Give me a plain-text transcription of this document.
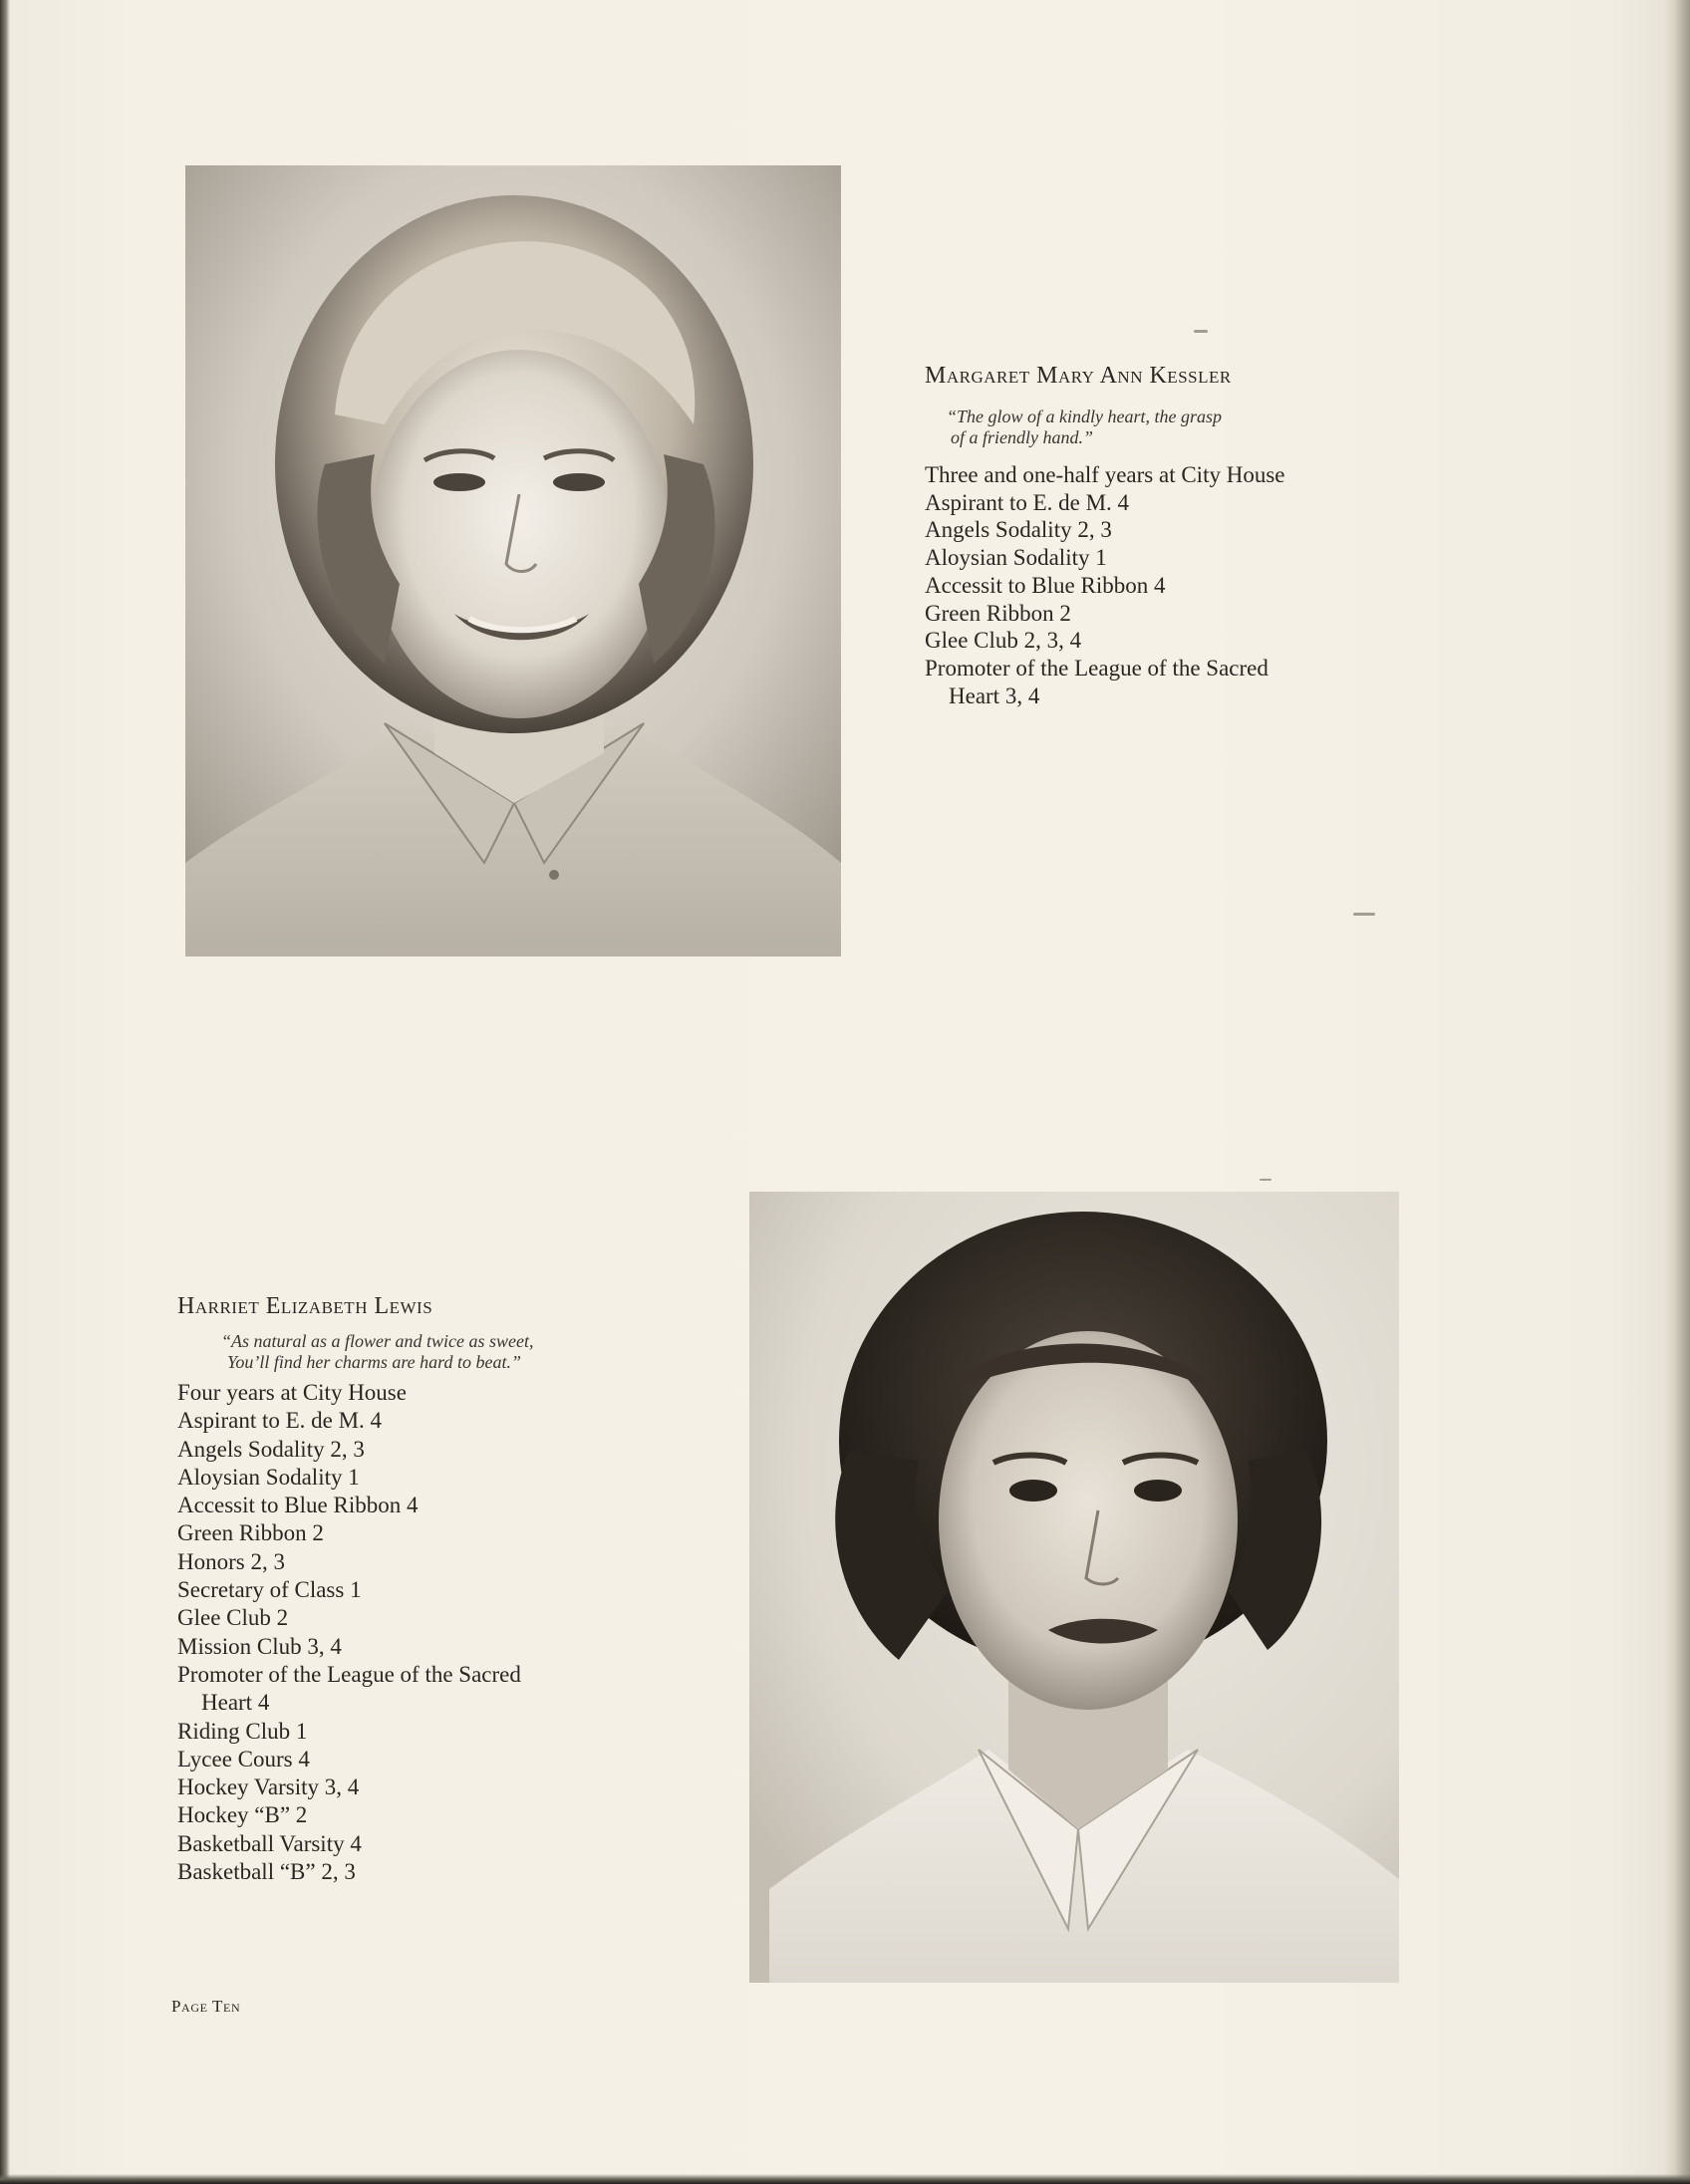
Margaret Mary Ann Kessler
“The glow of a kindly heart, the grasp
of a friendly hand.”
Three and one-half years at City House
Aspirant to E. de M. 4
Angels Sodality 2, 3
Aloysian Sodality 1
Accessit to Blue Ribbon 4
Green Ribbon 2
Glee Club 2, 3, 4
Promoter of the League of the Sacred
Heart 3, 4
Harriet Elizabeth Lewis
“As natural as a flower and twice as sweet,
You’ll find her charms are hard to beat.”
Four years at City House
Aspirant to E. de M. 4
Angels Sodality 2, 3
Aloysian Sodality 1
Accessit to Blue Ribbon 4
Green Ribbon 2
Honors 2, 3
Secretary of Class 1
Glee Club 2
Mission Club 3, 4
Promoter of the League of the Sacred
Heart 4
Riding Club 1
Lycee Cours 4
Hockey Varsity 3, 4
Hockey “B” 2
Basketball Varsity 4
Basketball “B” 2, 3
Page Ten
